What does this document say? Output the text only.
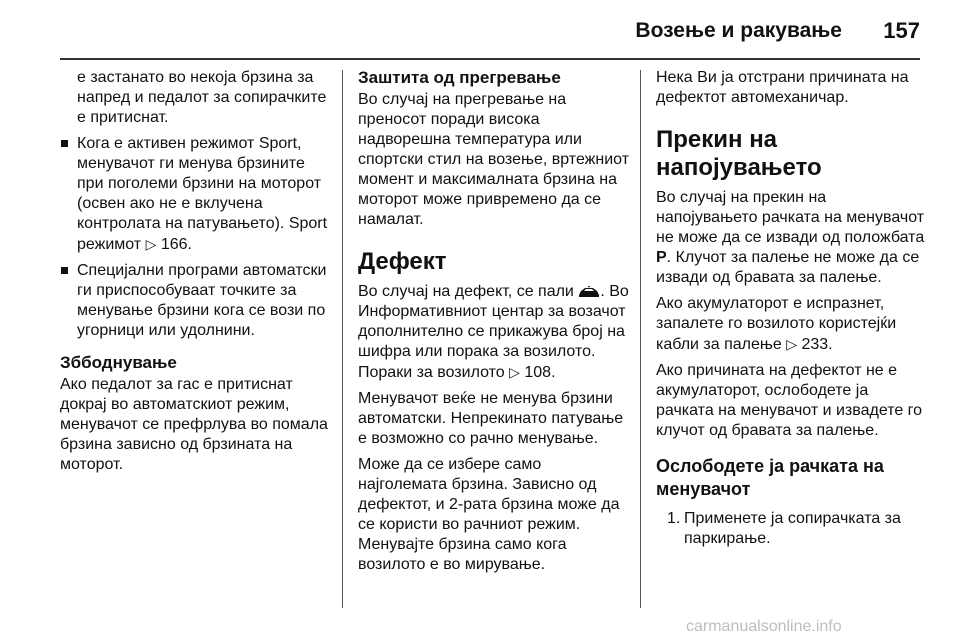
Возење и ракување 157

е застанато во некоја брзина за напред и педалот за сопирачките е притиснат.

Кога е активен режимот Sport, менувачот ги менува брзините при поголеми брзини на моторот (освен ако не е вклучена контролата на патувањето). Sport режимот ▷ 166.
Специјални програми автоматски ги приспособуваат точките за менување брзини кога се вози по угорници или удолнини.
Зббоднување

Ако педалот за гас е притиснат докрај во автоматскиот режим, менувачот се префрлува во помала брзина зависно од брзината на моторот.

Заштита од прегревање

Во случај на прегревање на преносот поради висока надворешна температура или спортски стил на возење, вртежниот момент и максималната брзина на моторот може привремено да се намалат.

Дефект

Во случај на дефект, се пали . Во Информативниот центар за возачот дополнително се прикажува број на шифра или порака за возилото. Пораки за возилото ▷ 108.

Менувачот веќе не менува брзини автоматски. Непрекинато патување е возможно со рачно менување.

Може да се избере само најголемата брзина. Зависно од дефектот, и 2-рата брзина може да се користи во рачниот режим. Менувајте брзина само кога возилото е во мирување.

Нека Ви ја отстрани причината на дефектот автомеханичар.

Прекин на напојувањето

Во случај на прекин на напојувањето рачката на менувачот не може да се извади од положбата P. Клучот за палење не може да се извади од бравата за палење.

Ако акумулаторот е испразнет, запалете го возилото користејќи кабли за палење ▷ 233.

Ако причината на дефектот не е акумулаторот, ослободете ја рачката на менувачот и извадете го клучот од бравата за палење.

Ослободете ја рачката на менувачот

1. Применете ја сопирачката за паркирање.

carmanualsonline.info
